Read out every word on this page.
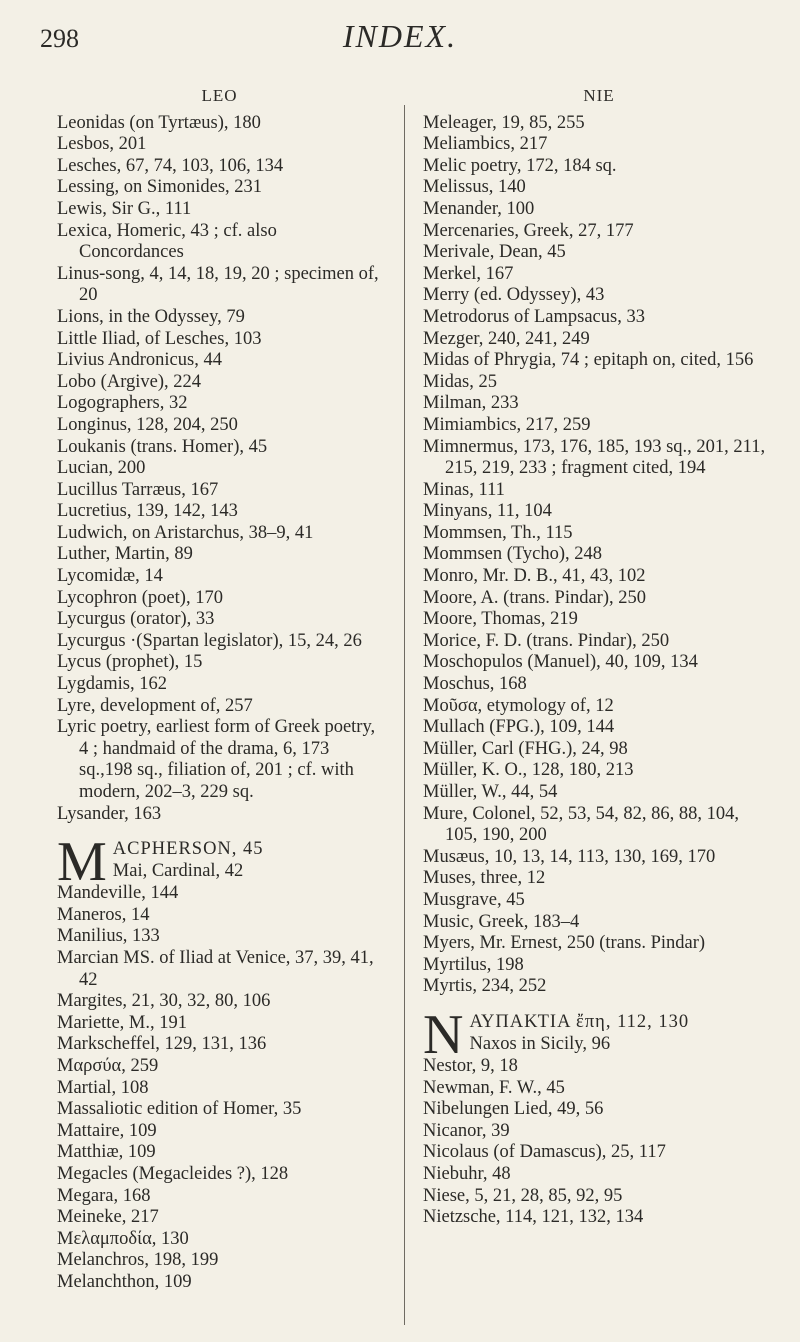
298	INDEX.
LEO

Leonidas (on Tyrtæus), 180

Lesbos, 201

Lesches, 67, 74, 103, 106, 134

Lessing, on Simonides, 231

Lewis, Sir G., 111

Lexica, Homeric, 43 ; cf. also Concordances

Linus-song, 4, 14, 18, 19, 20 ; specimen of, 20

Lions, in the Odyssey, 79

Little Iliad, of Lesches, 103

Livius Andronicus, 44

Lobo (Argive), 224

Logographers, 32

Longinus, 128, 204, 250

Loukanis (trans. Homer), 45

Lucian, 200

Lucillus Tarræus, 167

Lucretius, 139, 142, 143

Ludwich, on Aristarchus, 38–9, 41

Luther, Martin, 89

Lycomidæ, 14

Lycophron (poet), 170

Lycurgus (orator), 33

Lycurgus ·(Spartan legislator), 15, 24, 26

Lycus (prophet), 15

Lygdamis, 162

Lyre, development of, 257

Lyric poetry, earliest form of Greek poetry, 4 ; handmaid of the drama, 6, 173 sq.,198 sq., filiation of, 201 ; cf. with modern, 202–3, 229 sq.

Lysander, 163

M ACPHERSON, 45
Mai, Cardinal, 42

Mandeville, 144

Maneros, 14

Manilius, 133

Marcian MS. of Iliad at Venice, 37, 39, 41, 42

Margites, 21, 30, 32, 80, 106

Mariette, M., 191

Markscheffel, 129, 131, 136

Μαρσύα, 259

Martial, 108

Massaliotic edition of Homer, 35

Mattaire, 109

Matthiæ, 109

Megacles (Megacleides ?), 128

Megara, 168

Meineke, 217

Μελαμποδία, 130

Melanchros, 198, 199

Melanchthon, 109

NIE

Meleager, 19, 85, 255

Meliambics, 217

Melic poetry, 172, 184 sq.

Melissus, 140

Menander, 100

Mercenaries, Greek, 27, 177

Merivale, Dean, 45

Merkel, 167

Merry (ed. Odyssey), 43

Metrodorus of Lampsacus, 33

Mezger, 240, 241, 249

Midas of Phrygia, 74 ; epitaph on, cited, 156

Midas, 25

Milman, 233

Mimiambics, 217, 259

Mimnermus, 173, 176, 185, 193 sq., 201, 211, 215, 219, 233 ; fragment cited, 194

Minas, 111

Minyans, 11, 104

Mommsen, Th., 115

Mommsen (Tycho), 248

Monro, Mr. D. B., 41, 43, 102

Moore, A. (trans. Pindar), 250

Moore, Thomas, 219

Morice, F. D. (trans. Pindar), 250

Moschopulos (Manuel), 40, 109, 134

Moschus, 168

Μοῦσα, etymology of, 12

Mullach (FPG.), 109, 144

Müller, Carl (FHG.), 24, 98

Müller, K. O., 128, 180, 213

Müller, W., 44, 54

Mure, Colonel, 52, 53, 54, 82, 86, 88, 104, 105, 190, 200

Musæus, 10, 13, 14, 113, 130, 169, 170

Muses, three, 12

Musgrave, 45

Music, Greek, 183–4

Myers, Mr. Ernest, 250 (trans. Pindar)

Myrtilus, 198

Myrtis, 234, 252

N ΑΥΠΑΚΤΙΑ ἔπη, 112, 130
Naxos in Sicily, 96

Nestor, 9, 18

Newman, F. W., 45

Nibelungen Lied, 49, 56

Nicanor, 39

Nicolaus (of Damascus), 25, 117

Niebuhr, 48

Niese, 5, 21, 28, 85, 92, 95

Nietzsche, 114, 121, 132, 134
